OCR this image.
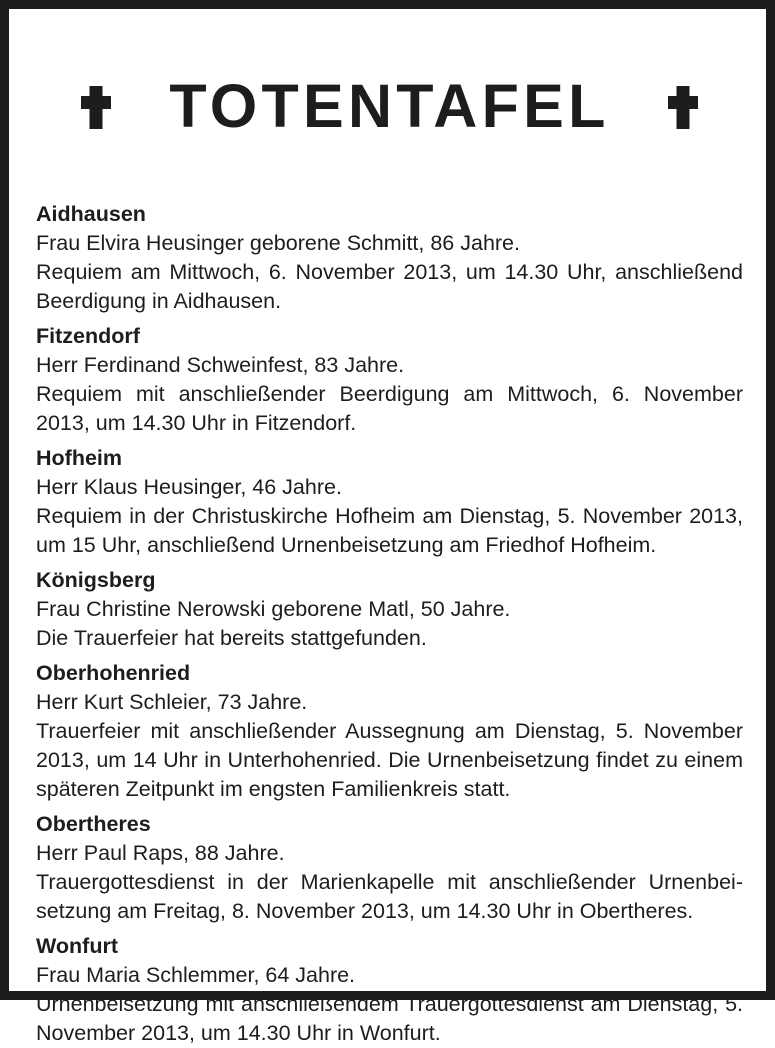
TOTENTAFEL
Aidhausen

Frau Elvira Heusinger geborene Schmitt, 86 Jahre.

Requiem am Mittwoch, 6. November 2013, um 14.30 Uhr, anschließend Beerdigung in Aidhausen.

Fitzendorf

Herr Ferdinand Schweinfest, 83 Jahre.

Requiem mit anschließender Beerdigung am Mittwoch, 6. November 2013, um 14.30 Uhr in Fitzendorf.

Hofheim

Herr Klaus Heusinger, 46 Jahre.

Requiem in der Christuskirche Hofheim am Dienstag, 5. November 2013, um 15 Uhr, anschließend Urnenbeisetzung am Friedhof Hofheim.

Königsberg

Frau Christine Nerowski geborene Matl, 50 Jahre.

Die Trauerfeier hat bereits stattgefunden.

Oberhohenried

Herr Kurt Schleier, 73 Jahre.

Trauerfeier mit anschließender Aussegnung am Dienstag, 5. November 2013, um 14 Uhr in Unterhohenried. Die Urnenbeisetzung findet zu einem späteren Zeitpunkt im engsten Familienkreis statt.

Obertheres

Herr Paul Raps, 88 Jahre.

Trauergottesdienst in der Marienkapelle mit anschließender Urnenbeisetzung am Freitag, 8. November 2013, um 14.30 Uhr in Obertheres.

Wonfurt

Frau Maria Schlemmer, 64 Jahre.

Urnenbeisetzung mit anschließendem Trauergottesdienst am Dienstag, 5. November 2013, um 14.30 Uhr in Wonfurt.
